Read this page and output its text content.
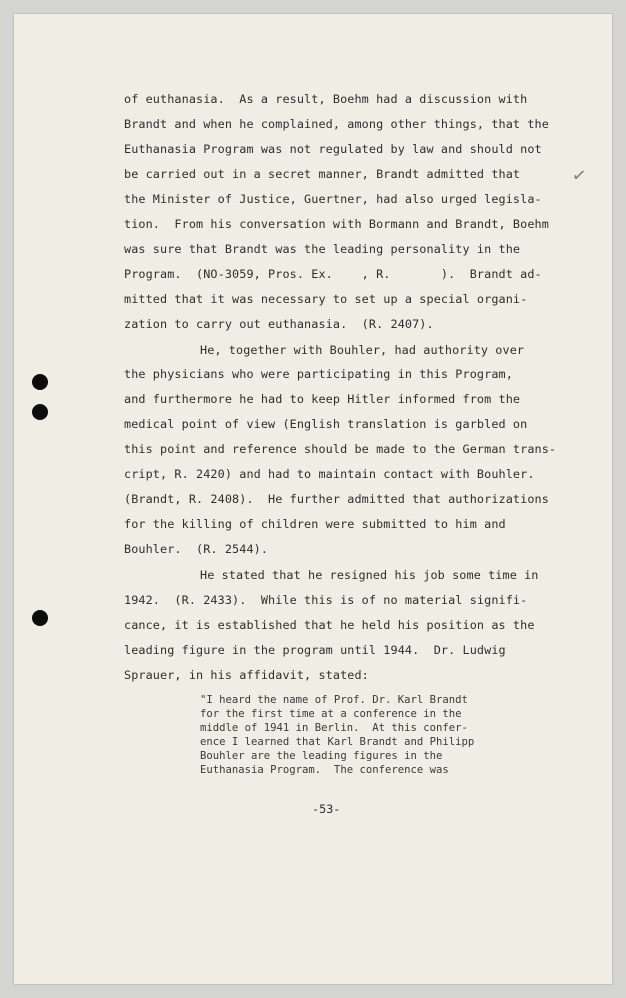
of euthanasia.  As a result, Boehm had a discussion with
Brandt and when he complained, among other things, that the
Euthanasia Program was not regulated by law and should not
be carried out in a secret manner, Brandt admitted that
the Minister of Justice, Guertner, had also urged legisla-
tion.  From his conversation with Bormann and Brandt, Boehm
was sure that Brandt was the leading personality in the
Program.  (NO-3059, Pros. Ex.    , R.       ).  Brandt ad-
mitted that it was necessary to set up a special organi-
zation to carry out euthanasia.  (R. 2407).
He, together with Bouhler, had authority over
the physicians who were participating in this Program,
and furthermore he had to keep Hitler informed from the
medical point of view (English translation is garbled on
this point and reference should be made to the German trans-
cript, R. 2420) and had to maintain contact with Bouhler.
(Brandt, R. 2408).  He further admitted that authorizations
for the killing of children were submitted to him and
Bouhler.  (R. 2544).
He stated that he resigned his job some time in
1942.  (R. 2433).  While this is of no material signifi-
cance, it is established that he held his position as the
leading figure in the program until 1944.  Dr. Ludwig
Sprauer, in his affidavit, stated:
"I heard the name of Prof. Dr. Karl Brandt
for the first time at a conference in the
middle of 1941 in Berlin.  At this confer-
ence I learned that Karl Brandt and Philipp
Bouhler are the leading figures in the
Euthanasia Program.  The conference was
✓
-53-
